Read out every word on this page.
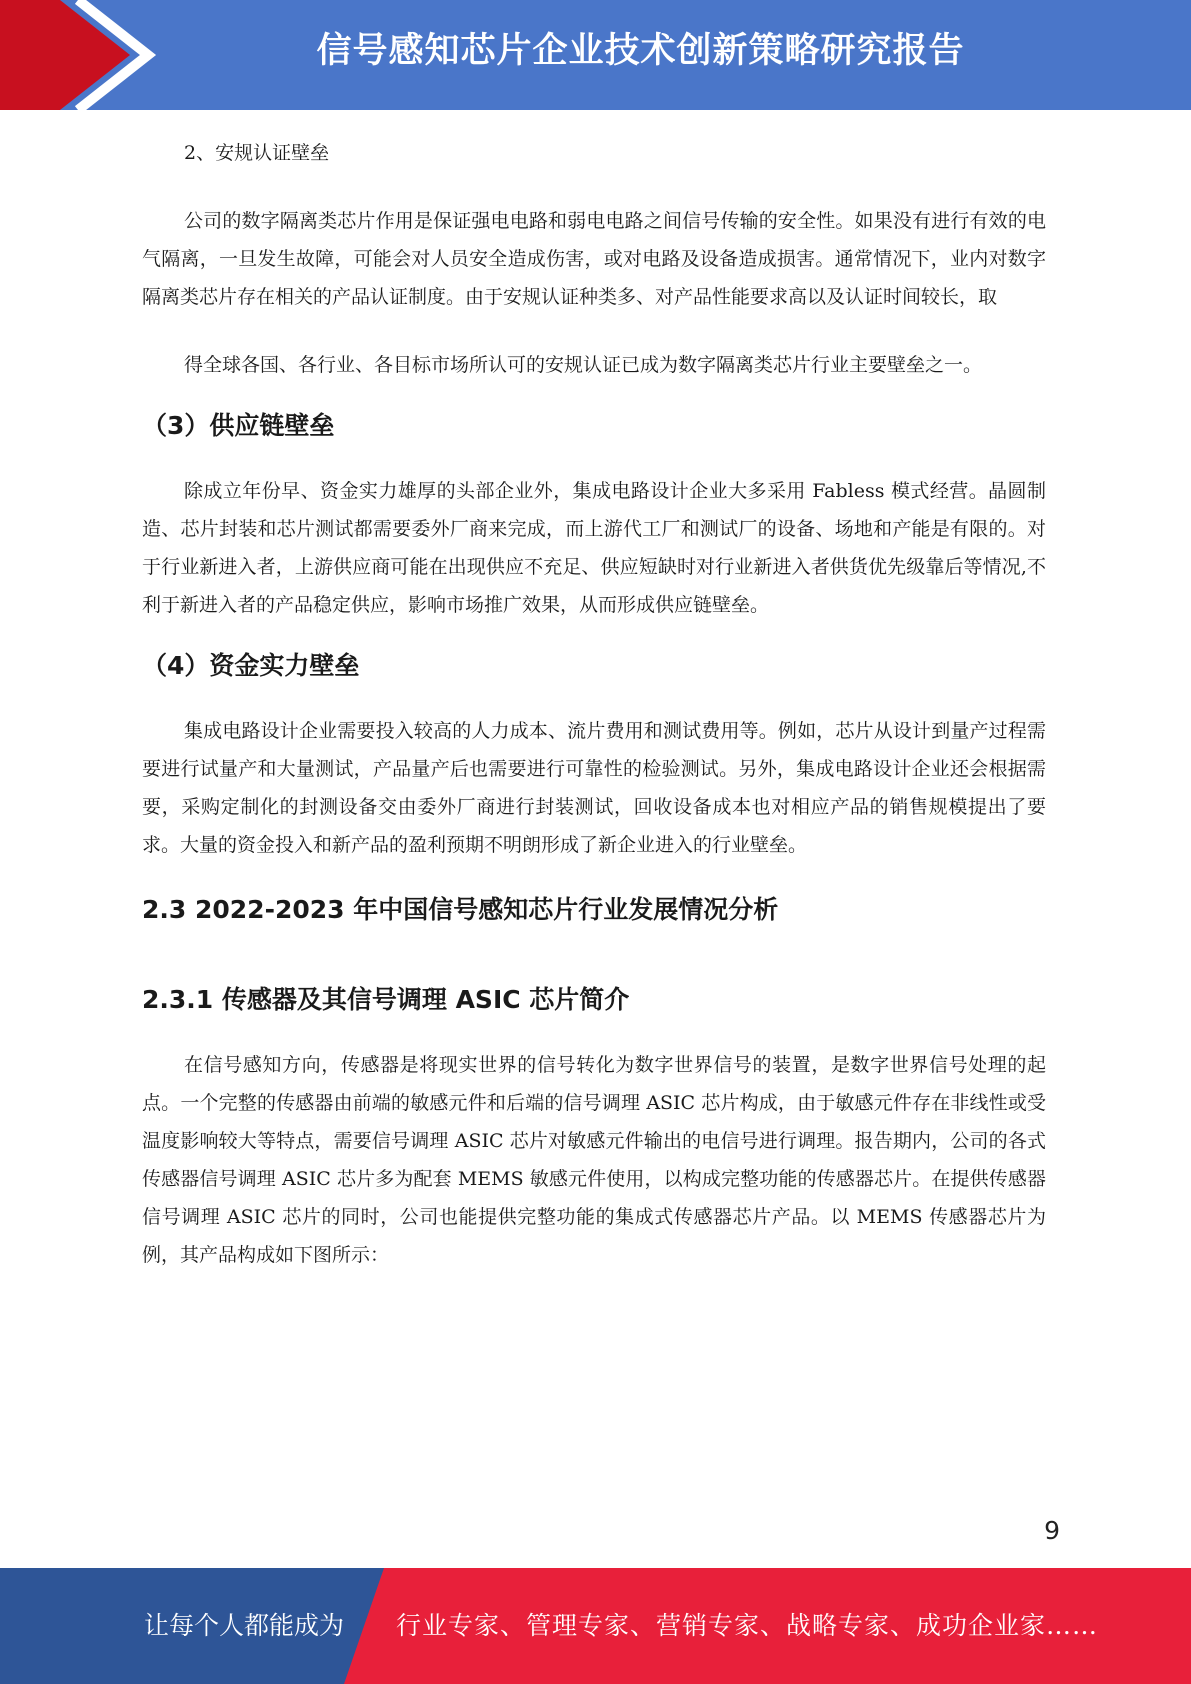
信号感知芯片企业技术创新策略研究报告

2、安规认证壁垒

公司的数字隔离类芯片作用是保证强电电路和弱电电路之间信号传输的安全性。如果没有进行有效的电气隔离，一旦发生故障，可能会对人员安全造成伤害，或对电路及设备造成损害。通常情况下，业内对数字隔离类芯片存在相关的产品认证制度。由于安规认证种类多、对产品性能要求高以及认证时间较长，取

得全球各国、各行业、各目标市场所认可的安规认证已成为数字隔离类芯片行业主要壁垒之一。

（3）供应链壁垒

除成立年份早、资金实力雄厚的头部企业外，集成电路设计企业大多采用 Fabless 模式经营。晶圆制造、芯片封装和芯片测试都需要委外厂商来完成，而上游代工厂和测试厂的设备、场地和产能是有限的。对于行业新进入者，上游供应商可能在出现供应不充足、供应短缺时对行业新进入者供货优先级靠后等情况,不利于新进入者的产品稳定供应，影响市场推广效果，从而形成供应链壁垒。

（4）资金实力壁垒

集成电路设计企业需要投入较高的人力成本、流片费用和测试费用等。例如，芯片从设计到量产过程需要进行试量产和大量测试，产品量产后也需要进行可靠性的检验测试。另外，集成电路设计企业还会根据需要，采购定制化的封测设备交由委外厂商进行封装测试，回收设备成本也对相应产品的销售规模提出了要求。大量的资金投入和新产品的盈利预期不明朗形成了新企业进入的行业壁垒。

2.3 2022-2023 年中国信号感知芯片行业发展情况分析
2.3.1 传感器及其信号调理 ASIC 芯片简介

在信号感知方向，传感器是将现实世界的信号转化为数字世界信号的装置，是数字世界信号处理的起点。一个完整的传感器由前端的敏感元件和后端的信号调理 ASIC 芯片构成，由于敏感元件存在非线性或受温度影响较大等特点，需要信号调理 ASIC 芯片对敏感元件输出的电信号进行调理。报告期内，公司的各式传感器信号调理 ASIC 芯片多为配套 MEMS 敏感元件使用，以构成完整功能的传感器芯片。在提供传感器信号调理 ASIC 芯片的同时，公司也能提供完整功能的集成式传感器芯片产品。以 MEMS 传感器芯片为例，其产品构成如下图所示：

9
让每个人都能成为 行业专家、管理专家、营销专家、战略专家、成功企业家……
